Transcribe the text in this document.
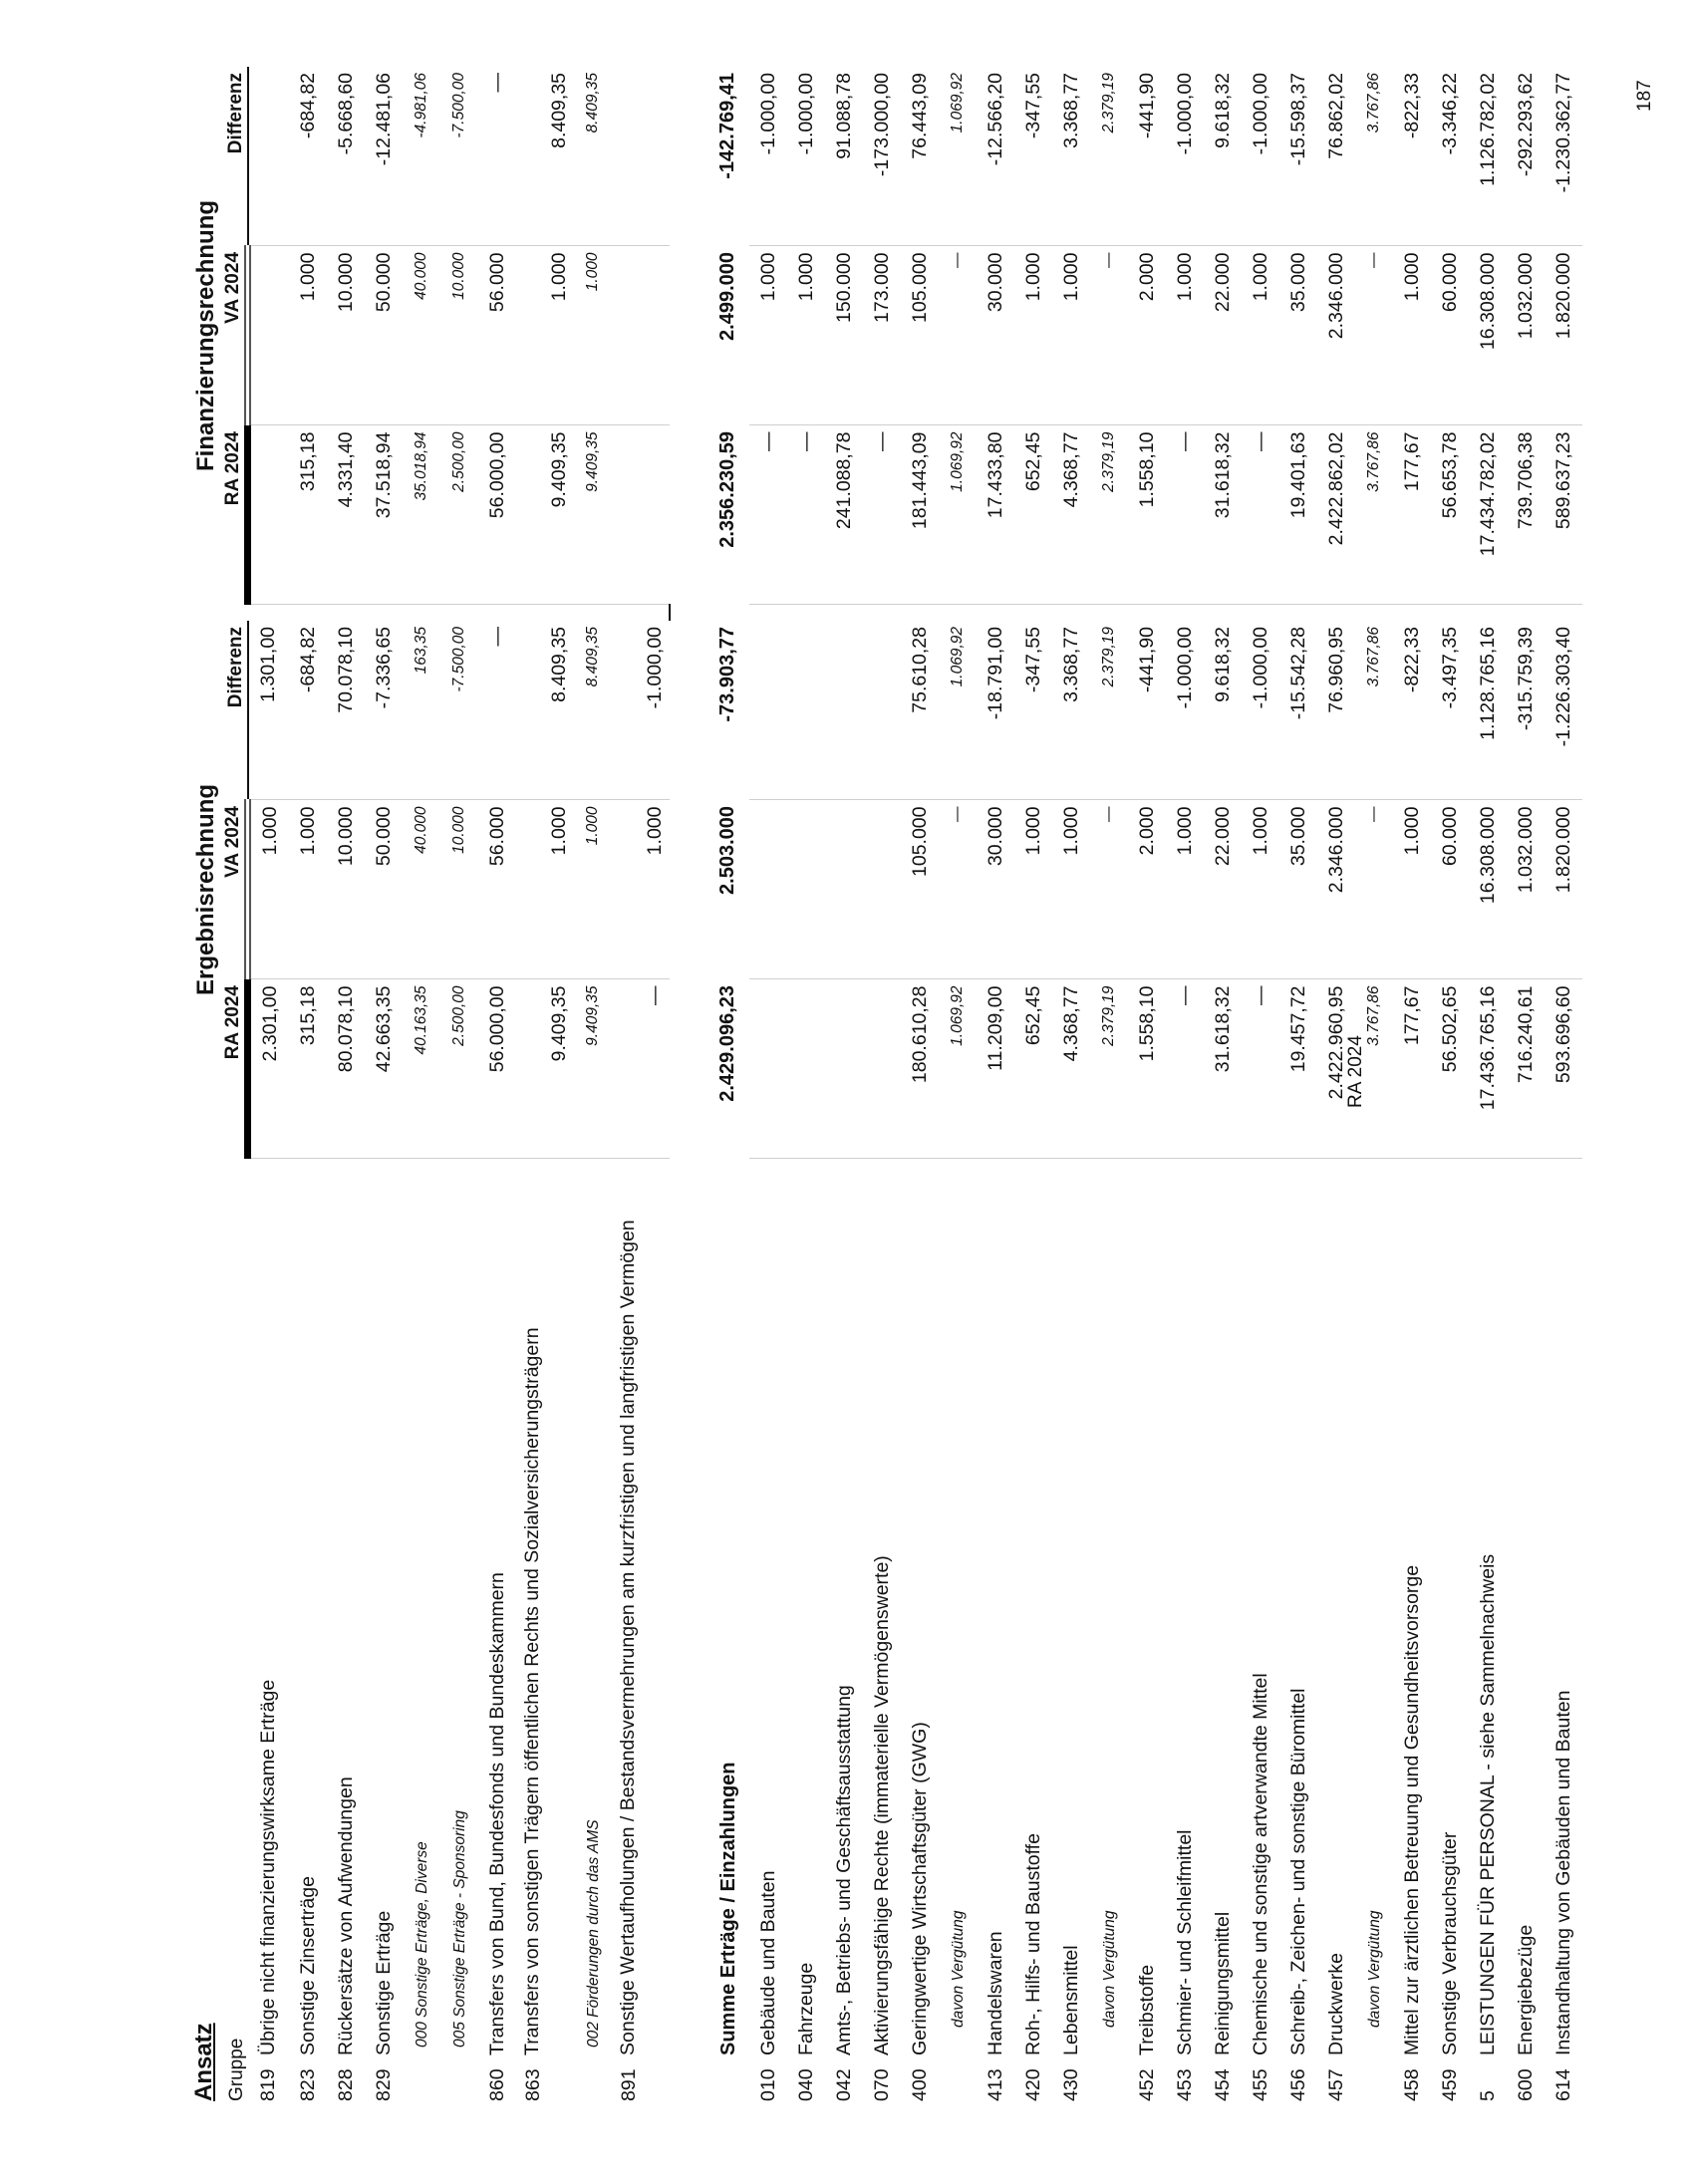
Ansatz		Ergebnisrechnung				Finanzierungsrechnung		
Gruppe		RA 2024	VA 2024	Differenz		RA 2024	VA 2024	Differenz
819	Übrige nicht finanzierungswirksame Erträge	2.301,00	1.000	1.301,00				
823	Sonstige Zinserträge	315,18	1.000	-684,82		315,18	1.000	-684,82
828	Rückersätze von Aufwendungen	80.078,10	10.000	70.078,10		4.331,40	10.000	-5.668,60
829	Sonstige Erträge	42.663,35	50.000	-7.336,65		37.518,94	50.000	-12.481,06
	000 Sonstige Erträge, Diverse	40.163,35	40.000	163,35		35.018,94	40.000	-4.981,06
	005 Sonstige Erträge - Sponsoring	2.500,00	10.000	-7.500,00		2.500,00	10.000	-7.500,00
860	Transfers von Bund, Bundesfonds und Bundeskammern	56.000,00	56.000	—		56.000,00	56.000	—
863	Transfers von sonstigen Trägern öffentlichen Rechts und Sozialversicherungsträgern	9.409,35	1.000	8.409,35		9.409,35	1.000	8.409,35
	002 Förderungen durch das AMS	9.409,35	1.000	8.409,35		9.409,35	1.000	8.409,35
891	Sonstige Wertaufholungen / Bestandsvermehrungen am kurzfristigen und langfristigen Vermögen	—	1.000	-1.000,00				
	Summe Erträge / Einzahlungen	2.429.096,23	2.503.000	-73.903,77		2.356.230,59	2.499.000	-142.769,41
010	Gebäude und Bauten					—	1.000	-1.000,00
040	Fahrzeuge					—	1.000	-1.000,00
042	Amts-, Betriebs- und Geschäftsausstattung					241.088,78	150.000	91.088,78
070	Aktivierungsfähige Rechte (immaterielle Vermögenswerte)					—	173.000	-173.000,00
400	Geringwertige Wirtschaftsgüter (GWG)	180.610,28	105.000	75.610,28		181.443,09	105.000	76.443,09
	davon Vergütung	1.069,92	—	1.069,92		1.069,92	—	1.069,92
413	Handelswaren	11.209,00	30.000	-18.791,00		17.433,80	30.000	-12.566,20
420	Roh-, Hilfs- und Baustoffe	652,45	1.000	-347,55		652,45	1.000	-347,55
430	Lebensmittel	4.368,77	1.000	3.368,77		4.368,77	1.000	3.368,77
	davon Vergütung	2.379,19	—	2.379,19		2.379,19	—	2.379,19
452	Treibstoffe	1.558,10	2.000	-441,90		1.558,10	2.000	-441,90
453	Schmier- und Schleifmittel	—	1.000	-1.000,00		—	1.000	-1.000,00
454	Reinigungsmittel	31.618,32	22.000	9.618,32		31.618,32	22.000	9.618,32
455	Chemische und sonstige artverwandte Mittel	—	1.000	-1.000,00		—	1.000	-1.000,00
456	Schreib-, Zeichen- und sonstige Büromittel	19.457,72	35.000	-15.542,28		19.401,63	35.000	-15.598,37
457	Druckwerke	2.422.960,95	2.346.000	76.960,95		2.422.862,02	2.346.000	76.862,02
	davon Vergütung	3.767,86	—	3.767,86		3.767,86	—	3.767,86
458	Mittel zur ärztlichen Betreuung und Gesundheitsvorsorge	177,67	1.000	-822,33		177,67	1.000	-822,33
459	Sonstige Verbrauchsgüter	56.502,65	60.000	-3.497,35		56.653,78	60.000	-3.346,22
5	LEISTUNGEN FÜR PERSONAL - siehe Sammelnachweis	17.436.765,16	16.308.000	1.128.765,16		17.434.782,02	16.308.000	1.126.782,02
600	Energiebezüge	716.240,61	1.032.000	-315.759,39		739.706,38	1.032.000	-292.293,62
614	Instandhaltung von Gebäuden und Bauten	593.696,60	1.820.000	-1.226.303,40		589.637,23	1.820.000	-1.230.362,77
RA 2024
187
